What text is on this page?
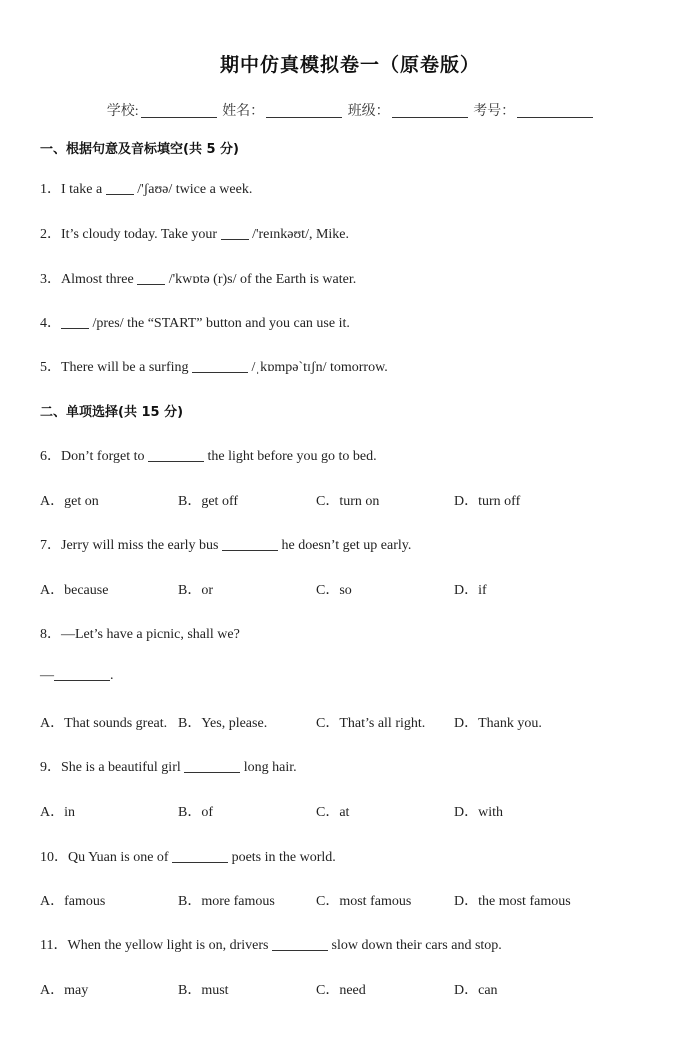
期中仿真模拟卷一（原卷版）
学校:	姓名：	班级：	考号：
一、根据句意及音标填空(共 5 分)
1．I take a	/'ʃaʊə/ twice a week.
2．It’s cloudy today. Take your	/'reɪnkəʊt/, Mike.
3．Almost three	/'kwɒtə (r)s/ of the Earth is water.
4． /pres/ the “START” button and you can use it.
5．There will be a surfing	/ˌkɒmpə`tɪʃn/ tomorrow.
二、单项选择(共 15 分)
6．Don’t forget to	the light before you go to bed.
A．get on	B．get off	C．turn on	D．turn off
7．Jerry will miss the early bus	he doesn’t get up early.
A．because	B．or	C．so	D．if
8．—Let’s have a picnic, shall we?
—	.
A．That sounds great. B．Yes, please.	C．That’s all right. D．Thank you.
9．She is a beautiful girl	long hair.
A．in	B．of	C．at	D．with
10．Qu Yuan is one of	poets in the world.
A．famous	B．more famous	C．most famous	D．the most famous
11．When the yellow light is on, drivers	slow down their cars and stop.
A．may	B．must	C．need	D．can
